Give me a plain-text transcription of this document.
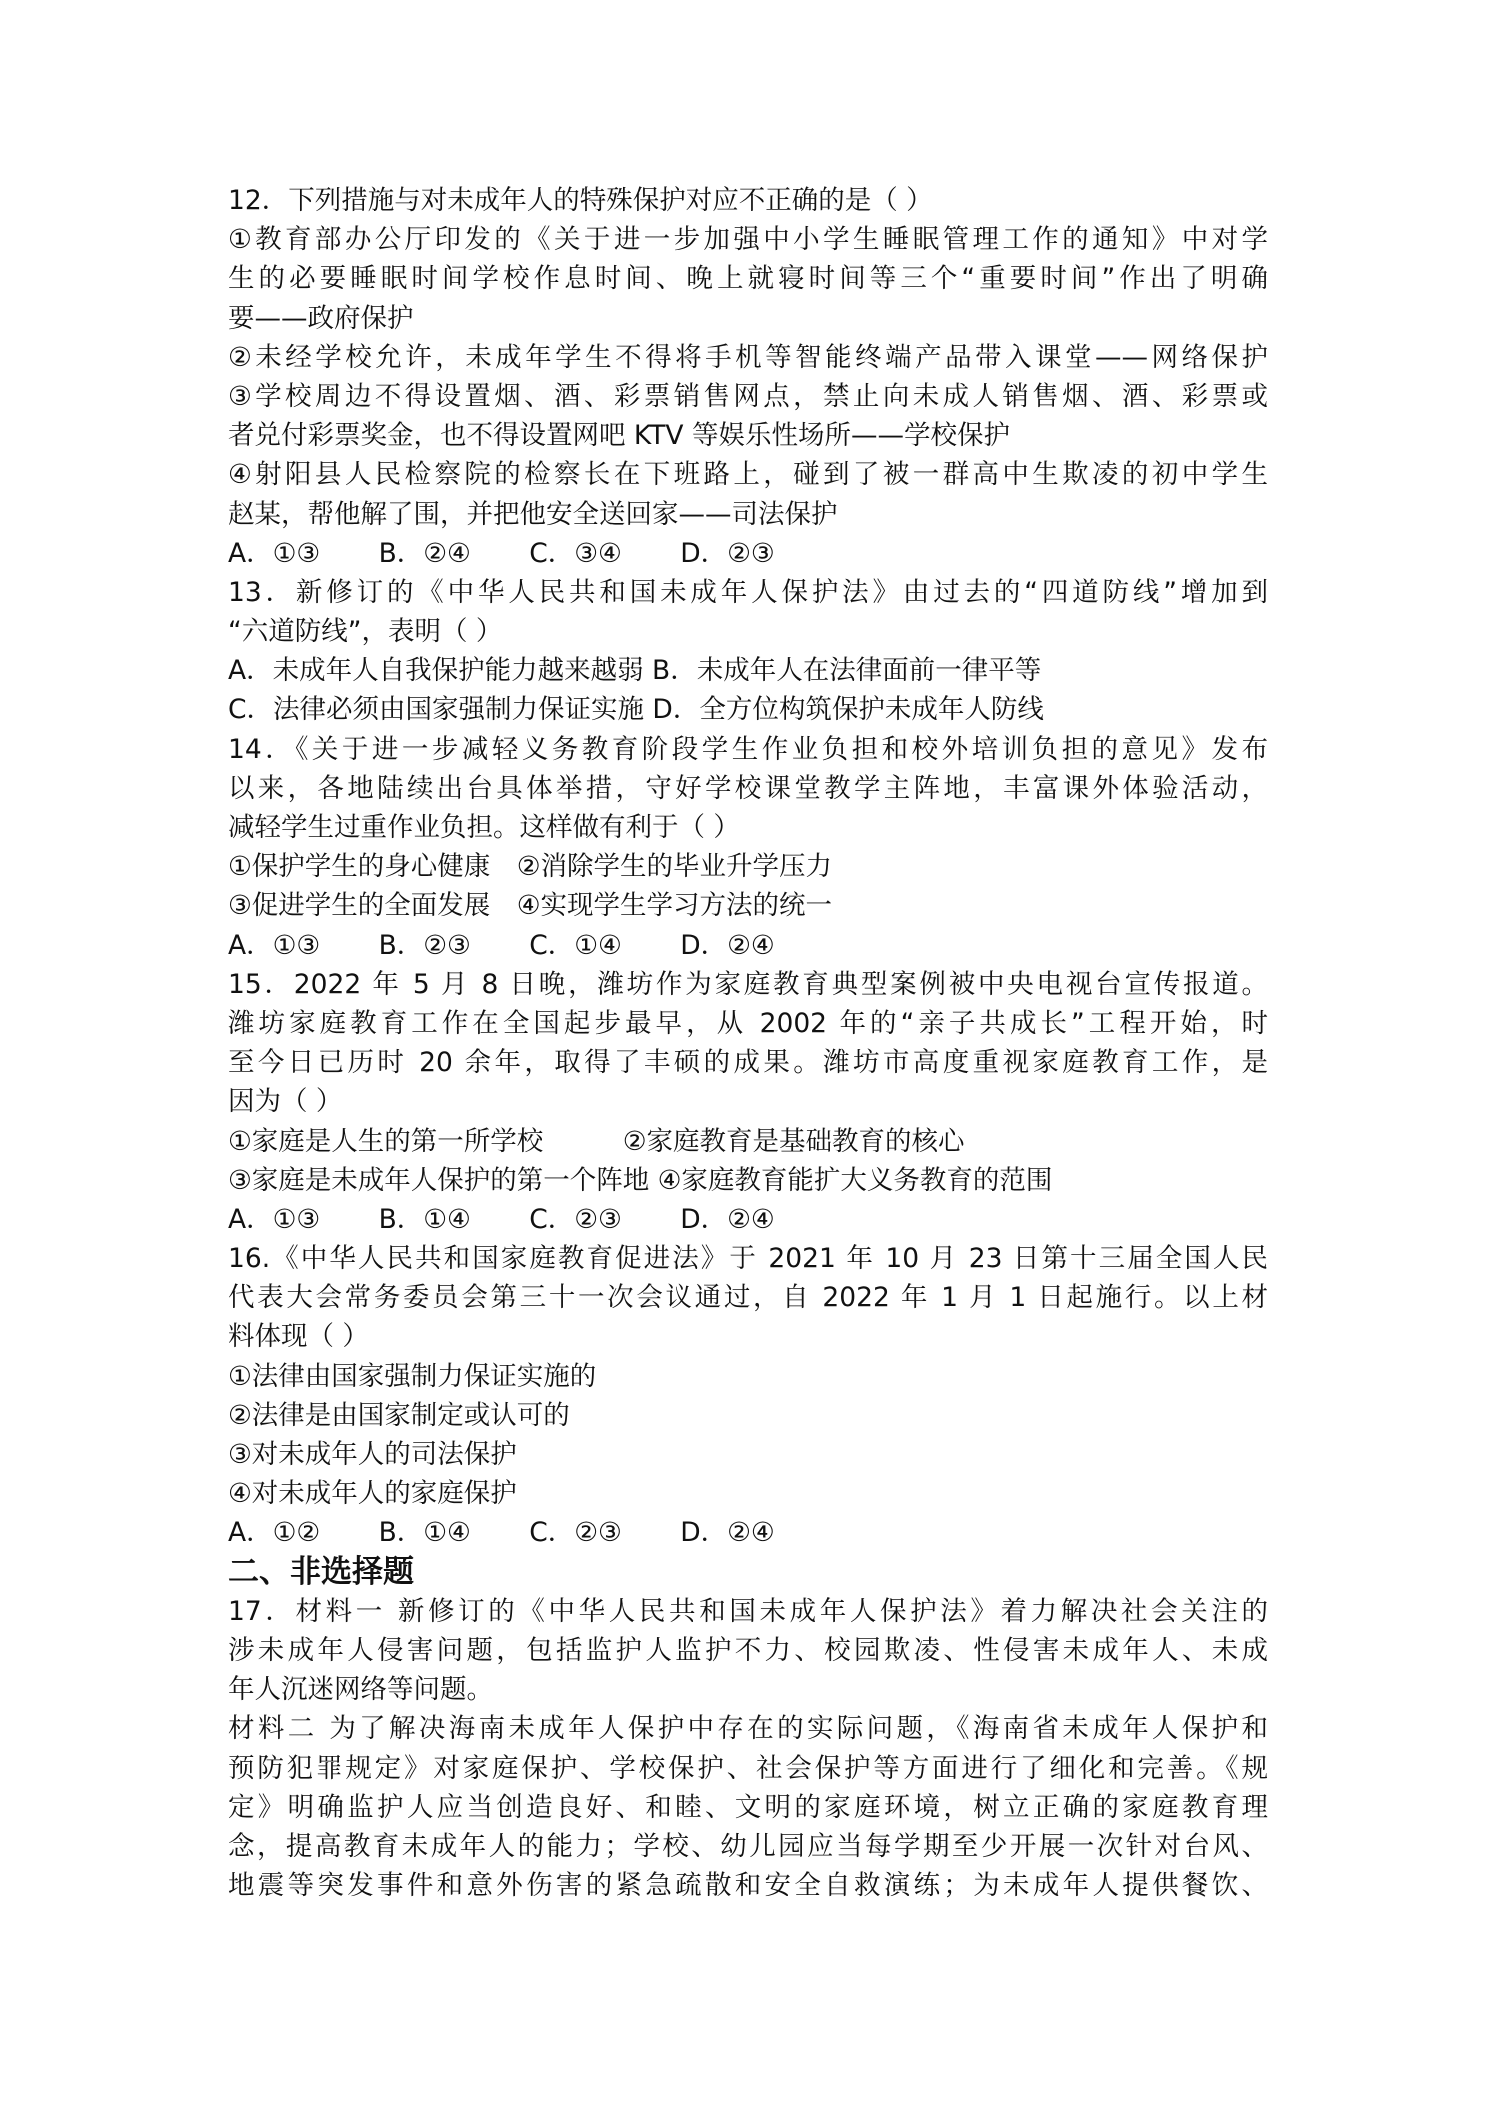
12．下列措施与对未成年人的特殊保护对应不正确的是（ ）
①教育部办公厅印发的《关于进一步加强中小学生睡眠管理工作的通知》中对学
生的必要睡眠时间学校作息时间、晚上就寝时间等三个“重要时间”作出了明确
要——政府保护
②未经学校允许，未成年学生不得将手机等智能终端产品带入课堂——网络保护
③学校周边不得设置烟、酒、彩票销售网点，禁止向未成人销售烟、酒、彩票或
者兑付彩票奖金，也不得设置网吧 KTV 等娱乐性场所——学校保护
④射阳县人民检察院的检察长在下班路上，碰到了被一群高中生欺凌的初中学生
赵某，帮他解了围，并把他安全送回家——司法保护
A．①③ B．②④ C．③④ D．②③
13．新修订的《中华人民共和国未成年人保护法》由过去的“四道防线”增加到
“六道防线”，表明（ ）
A．未成年人自我保护能力越来越弱 B．未成年人在法律面前一律平等
C．法律必须由国家强制力保证实施 D．全方位构筑保护未成年人防线
14．《关于进一步减轻义务教育阶段学生作业负担和校外培训负担的意见》发布
以来，各地陆续出台具体举措，守好学校课堂教学主阵地，丰富课外体验活动，
减轻学生过重作业负担。这样做有利于（ ）
①保护学生的身心健康　②消除学生的毕业升学压力
③促进学生的全面发展　④实现学生学习方法的统一
A．①③ B．②③ C．①④ D．②④
15．2022 年 5 月 8 日晚，潍坊作为家庭教育典型案例被中央电视台宣传报道。
潍坊家庭教育工作在全国起步最早，从 2002 年的“亲子共成长”工程开始，时
至今日已历时 20 余年，取得了丰硕的成果。潍坊市高度重视家庭教育工作，是
因为（ ）
①家庭是人生的第一所学校　　　②家庭教育是基础教育的核心
③家庭是未成年人保护的第一个阵地 ④家庭教育能扩大义务教育的范围
A．①③ B．①④ C．②③ D．②④
16.《中华人民共和国家庭教育促进法》于 2021 年 10 月 23 日第十三届全国人民
代表大会常务委员会第三十一次会议通过，自 2022 年 1 月 1 日起施行。以上材
料体现（ ）
①法律由国家强制力保证实施的
②法律是由国家制定或认可的
③对未成年人的司法保护
④对未成年人的家庭保护
A．①② B．①④ C．②③ D．②④
二、非选择题
17．材料一 新修订的《中华人民共和国未成年人保护法》着力解决社会关注的
涉未成年人侵害问题，包括监护人监护不力、校园欺凌、性侵害未成年人、未成
年人沉迷网络等问题。
材料二 为了解决海南未成年人保护中存在的实际问题，《海南省未成年人保护和
预防犯罪规定》对家庭保护、学校保护、社会保护等方面进行了细化和完善。《规
定》明确监护人应当创造良好、和睦、文明的家庭环境，树立正确的家庭教育理
念，提高教育未成年人的能力；学校、幼儿园应当每学期至少开展一次针对台风、
地震等突发事件和意外伤害的紧急疏散和安全自救演练；为未成年人提供餐饮、
